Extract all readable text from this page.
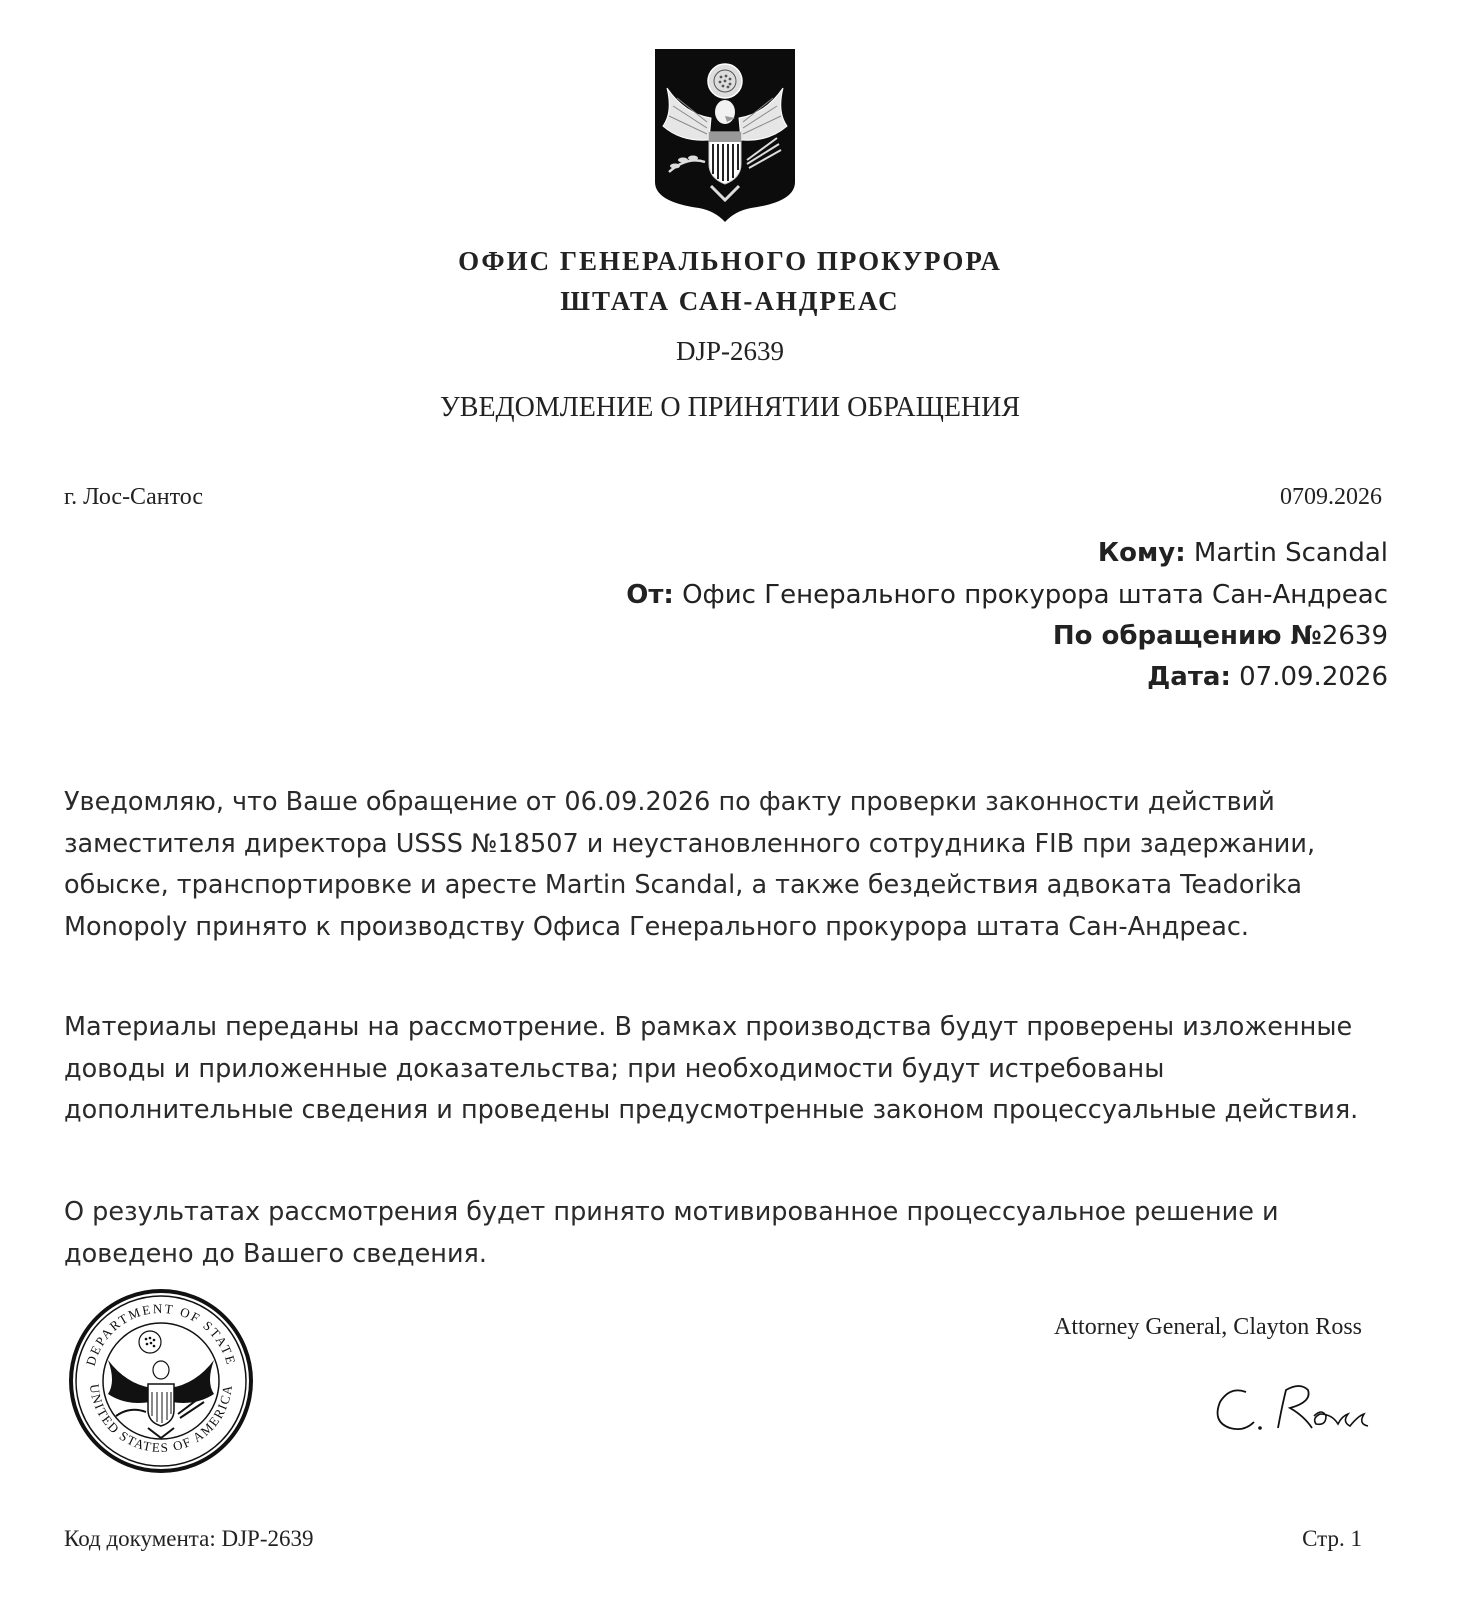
ОФИС ГЕНЕРАЛЬНОГО ПРОКУРОРА
ШТАТА САН-АНДРЕАС
DJP-2639
УВЕДОМЛЕНИЕ О ПРИНЯТИИ ОБРАЩЕНИЯ
г. Лос-Сантос	0709.2026
Кому: Martin Scandal
От: Офис Генерального прокурора штата Сан-Андреас
По обращению №2639
Дата: 07.09.2026

Уведомляю, что Ваше обращение от 06.09.2026 по факту проверки законности действий заместителя директора USSS №18507 и неустановленного сотрудника FIB при задержании, обыске, транспортировке и аресте Martin Scandal, а также бездействия адвоката Teadorika Monopoly принято к производству Офиса Генерального прокурора штата Сан-Андреас.

Материалы переданы на рассмотрение. В рамках производства будут проверены изложенные доводы и приложенные доказательства; при необходимости будут истребованы дополнительные сведения и проведены предусмотренные законом процессуальные действия.

О результатах рассмотрения будет принято мотивированное процессуальное решение и доведено до Вашего сведения.

DEPARTMENT OF STATE
UNITED STATES OF AMERICA
Attorney General, Clayton Ross
Код документа: DJP-2639	Стр. 1
